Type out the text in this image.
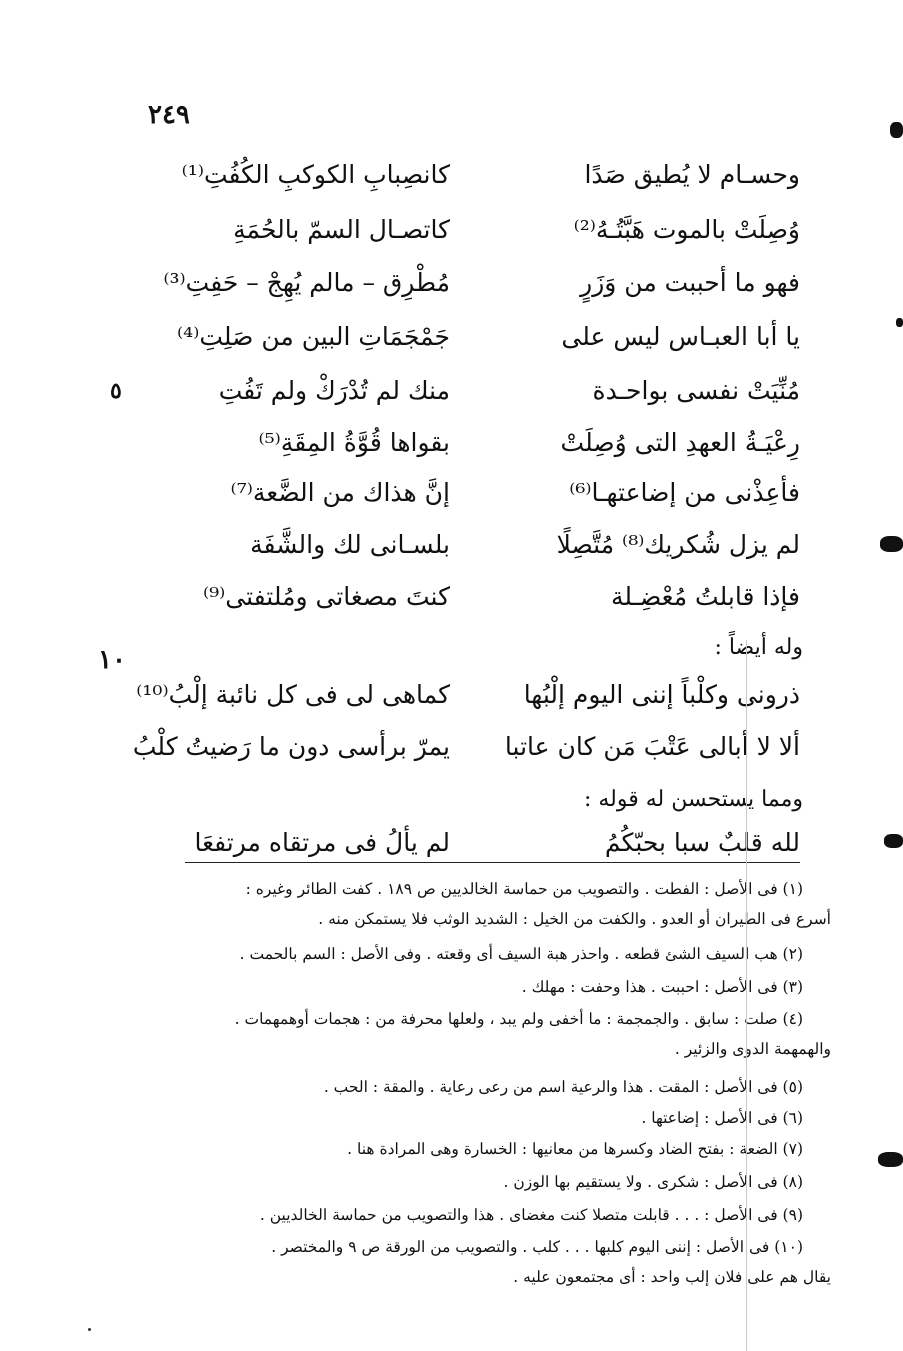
٢٤٩
٥
١٠
وحسـام لا يُطيق صَدًا
كانصِبابِ الكوكبِ الكُفُتِ⁽¹⁾
وُصِلَتْ بالموت هَبَّتُـهُ⁽²⁾
كاتصـال السمّ بالحُمَةِ
فهو ما أحببت من وَزَرٍ
مُطْرِق – مالم يُهِجْ – حَفِتِ⁽³⁾
يا أبا العبـاس ليس على
جَمْجَمَاتِ البين من صَلِتِ⁽⁴⁾
مُنِّيَتْ نفسى بواحـدة
منك لم تُدْرَكْ ولم تَفُتِ
رِعْيَـةُ العهدِ التى وُصِلَتْ
بقواها قُوَّةُ المِقَةِ⁽⁵⁾
فأعِذْنى من إضاعتهـا⁽⁶⁾
إنَّ هذاك من الضَّعة⁽⁷⁾
لم يزل شُكريك⁽⁸⁾ مُتَّصِلًا
بلسـانى لك والشَّفَة
فإذا قابلتُ مُعْضِـلة
كنتَ مصغاتى ومُلتفتى⁽⁹⁾
وله أيضاً :
ذرونى وكلْباً إننى اليوم إلْبُها
كماهى لى فى كل نائبة إلْبُ⁽¹⁰⁾
ألا لا أبالى عَتْبَ مَن كان عاتبا
يمرّ برأسى دون ما رَضيتُ كلْبُ
ومما يستحسن له قوله :
لله قلبٌ سبا بحبّكُمُ
لم يألُ فى مرتقاه مرتفعَا
(١) فى الأصل : الفطت . والتصويب من حماسة الخالديين ص ١٨٩ . كفت الطائر وغيره :
أسرع فى الطيران أو العدو . والكفت من الخيل : الشديد الوثب فلا يستمكن منه .
(٢) هب السيف الشئ قطعه . واحذر هبة السيف أى وقعته . وفى الأصل : السم بالحمت .
(٣) فى الأصل : احببت . هذا وحفت : مهلك .
(٤) صلت : سابق . والجمجمة : ما أخفى ولم يبد ، ولعلها محرفة من : هجمات أوهمهمات .
والهمهمة الدوى والزئير .
(٥) فى الأصل : المقت . هذا والرعية اسم من رعى رعاية . والمقة : الحب .
(٦) فى الأصل : إضاعتها .
(٧) الضعة : بفتح الضاد وكسرها من معانيها : الخسارة وهى المرادة هنا .
(٨) فى الأصل : شكرى . ولا يستقيم بها الوزن .
(٩) فى الأصل : . . . قابلت متصلا كنت مغضاى . هذا والتصويب من حماسة الخالديين .
(١٠) فى الأصل : إننى اليوم كلبها . . . كلب . والتصويب من الورقة ص ٩ والمختصر .
يقال هم على فلان إلب واحد : أى مجتمعون عليه .
